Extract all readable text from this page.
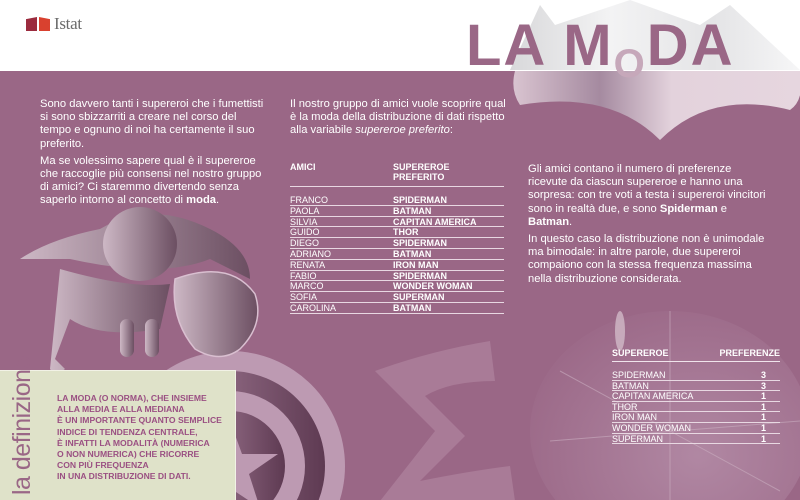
Istat

Sono davvero tanti i supereroi che i fumettisti si sono sbizzarriti a creare nel corso del tempo e ognuno di noi ha certamente il suo preferito.

Ma se volessimo sapere qual è il supereroe che raccoglie più consensi nel nostro gruppo di amici? Ci staremmo divertendo senza saperlo intorno al concetto di moda.

Il nostro gruppo di amici vuole scoprire qual è la moda della distribuzione di dati rispetto alla variabile supereroe preferito:

Gli amici contano il numero di preferenze ricevute da ciascun supereroe e hanno una sorpresa: con tre voti a testa i supereroi vincitori sono in realtà due, e sono Spiderman e Batman.

In questo caso la distribuzione non è unimodale ma bimodale: in altre parole, due supereroi compaiono con la stessa frequenza massima nella distribuzione considerata.

LA MODA
AMICI	SUPEREROE
PREFERITO
FRANCO	SPIDERMAN
PAOLA	BATMAN
SILVIA	CAPITAN AMERICA
GUIDO	THOR
DIEGO	SPIDERMAN
ADRIANO	BATMAN
RENATA	IRON MAN
FABIO	SPIDERMAN
MARCO	WONDER WOMAN
SOFIA	SUPERMAN
CAROLINA	BATMAN
SUPEREROE	PREFERENZE
SPIDERMAN	3
BATMAN	3
CAPITAN AMERICA	1
THOR	1
IRON MAN	1
WONDER WOMAN	1
SUPERMAN	1
la definizione LA MODA (O NORMA), CHE INSIEME
ALLA MEDIA E ALLA MEDIANA
È UN IMPORTANTE QUANTO SEMPLICE
INDICE DI TENDENZA CENTRALE,
È INFATTI LA MODALITÀ (NUMERICA
O NON NUMERICA) CHE RICORRE
CON PIÙ FREQUENZA
IN UNA DISTRIBUZIONE DI DATI.
